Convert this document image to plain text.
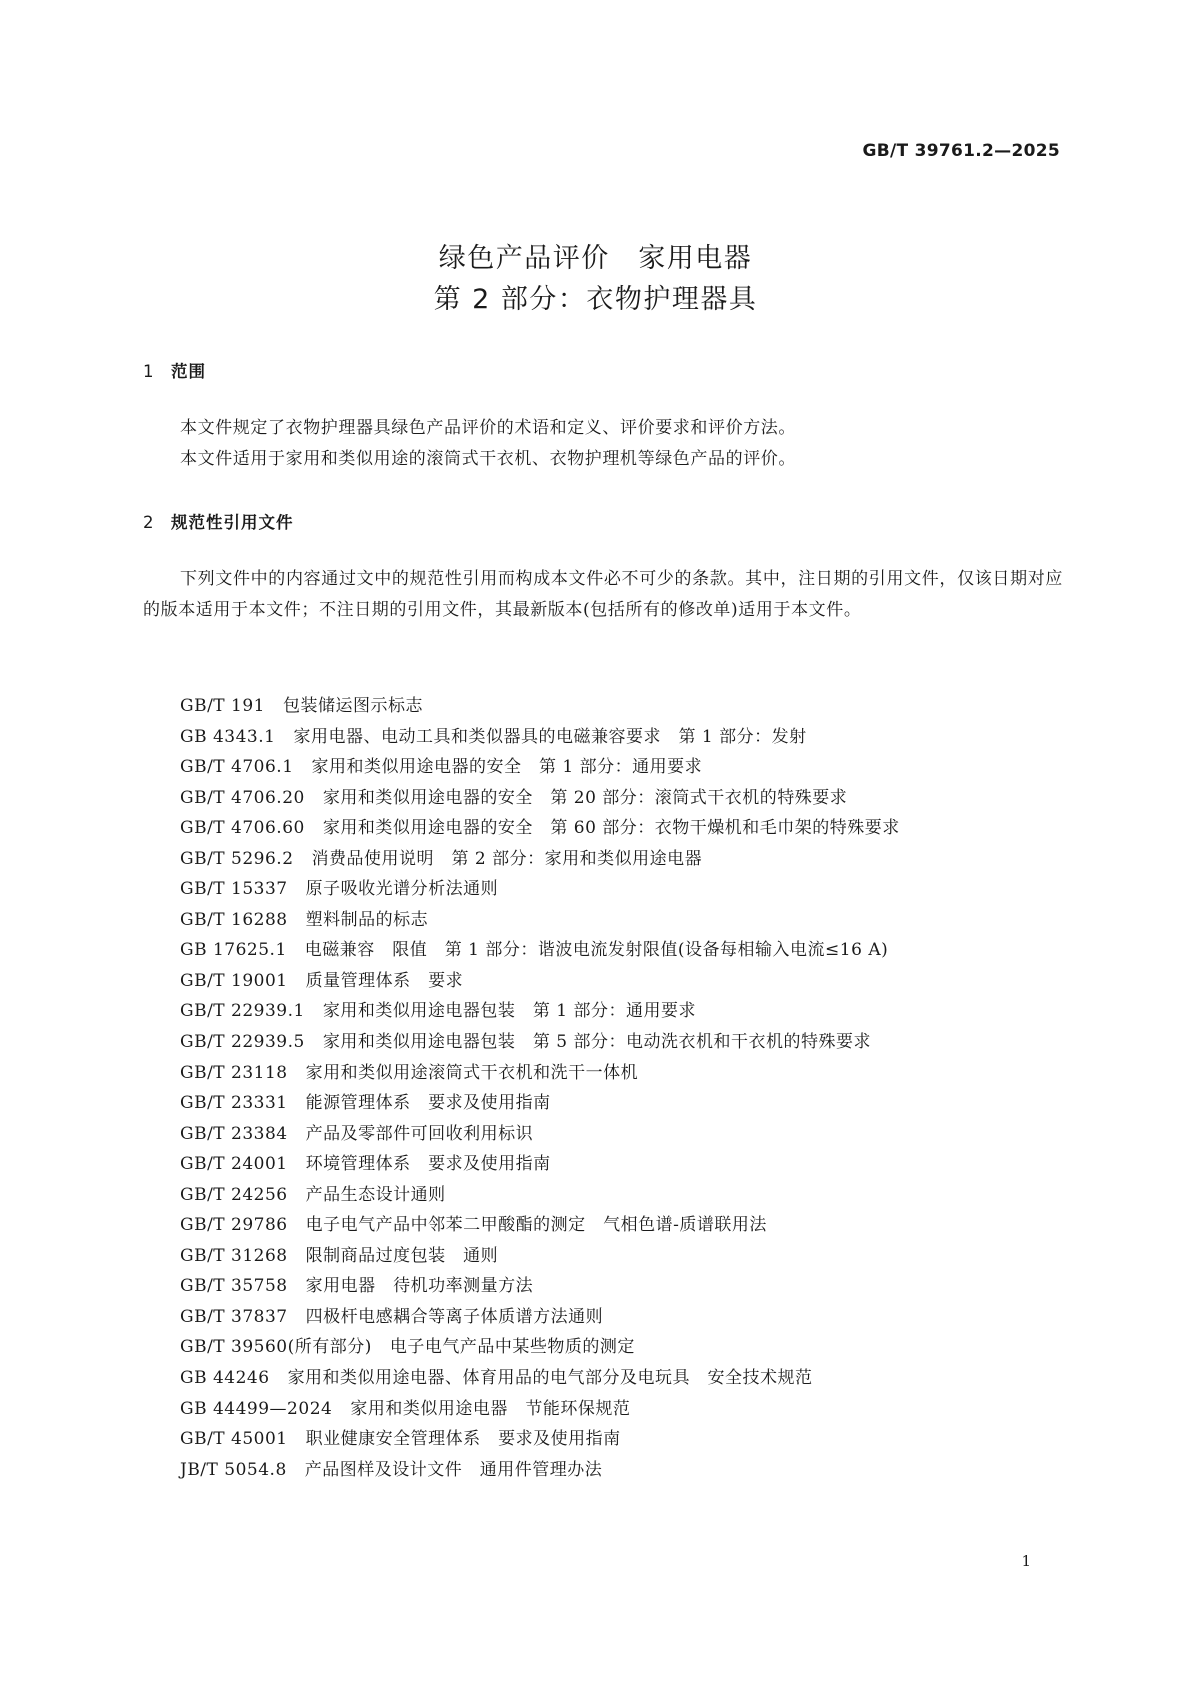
GB/T 39761.2—2025
绿色产品评价　家用电器
第 2 部分：衣物护理器具
1 范围
本文件规定了衣物护理器具绿色产品评价的术语和定义、评价要求和评价方法。
本文件适用于家用和类似用途的滚筒式干衣机、衣物护理机等绿色产品的评价。
2 规范性引用文件
下列文件中的内容通过文中的规范性引用而构成本文件必不可少的条款。其中，注日期的引用文件，仅该日期对应的版本适用于本文件；不注日期的引用文件，其最新版本(包括所有的修改单)适用于本文件。
GB/T 191 包装储运图示标志
GB 4343.1 家用电器、电动工具和类似器具的电磁兼容要求　第 1 部分：发射
GB/T 4706.1 家用和类似用途电器的安全　第 1 部分：通用要求
GB/T 4706.20 家用和类似用途电器的安全　第 20 部分：滚筒式干衣机的特殊要求
GB/T 4706.60 家用和类似用途电器的安全　第 60 部分：衣物干燥机和毛巾架的特殊要求
GB/T 5296.2 消费品使用说明　第 2 部分：家用和类似用途电器
GB/T 15337 原子吸收光谱分析法通则
GB/T 16288 塑料制品的标志
GB 17625.1 电磁兼容　限值　第 1 部分：谐波电流发射限值(设备每相输入电流≤16 A)
GB/T 19001 质量管理体系　要求
GB/T 22939.1 家用和类似用途电器包装　第 1 部分：通用要求
GB/T 22939.5 家用和类似用途电器包装　第 5 部分：电动洗衣机和干衣机的特殊要求
GB/T 23118 家用和类似用途滚筒式干衣机和洗干一体机
GB/T 23331 能源管理体系　要求及使用指南
GB/T 23384 产品及零部件可回收利用标识
GB/T 24001 环境管理体系　要求及使用指南
GB/T 24256 产品生态设计通则
GB/T 29786 电子电气产品中邻苯二甲酸酯的测定　气相色谱-质谱联用法
GB/T 31268 限制商品过度包装　通则
GB/T 35758 家用电器　待机功率测量方法
GB/T 37837 四极杆电感耦合等离子体质谱方法通则
GB/T 39560(所有部分) 电子电气产品中某些物质的测定
GB 44246 家用和类似用途电器、体育用品的电气部分及电玩具　安全技术规范
GB 44499—2024 家用和类似用途电器　节能环保规范
GB/T 45001 职业健康安全管理体系　要求及使用指南
JB/T 5054.8 产品图样及设计文件　通用件管理办法
1
